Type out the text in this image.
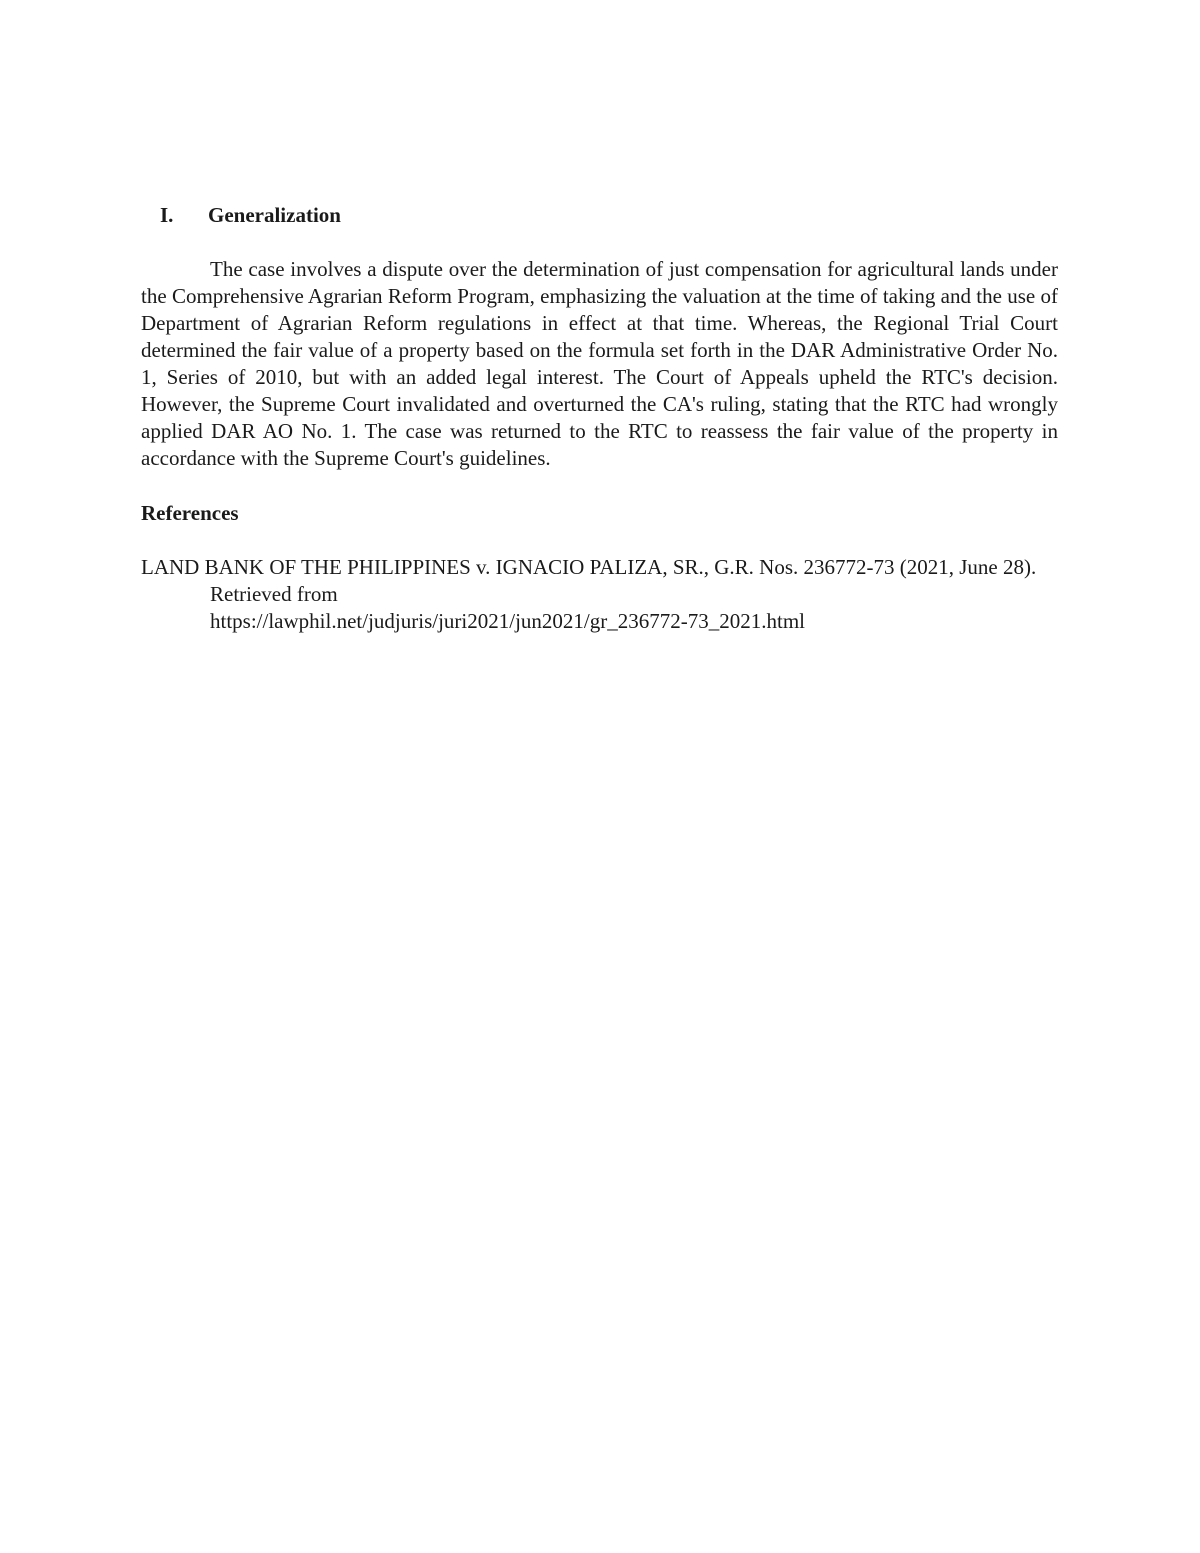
I.	Generalization

The case involves a dispute over the determination of just compensation for agricultural lands under the Comprehensive Agrarian Reform Program, emphasizing the valuation at the time of taking and the use of Department of Agrarian Reform regulations in effect at that time. Whereas, the Regional Trial Court determined the fair value of a property based on the formula set forth in the DAR Administrative Order No. 1, Series of 2010, but with an added legal interest. The Court of Appeals upheld the RTC's decision. However, the Supreme Court invalidated and overturned the CA's ruling, stating that the RTC had wrongly applied DAR AO No. 1. The case was returned to the RTC to reassess the fair value of the property in accordance with the Supreme Court's guidelines.

References

LAND BANK OF THE PHILIPPINES v. IGNACIO PALIZA, SR., G.R. Nos. 236772-73 (2021, June 28). Retrieved from
https://lawphil.net/judjuris/juri2021/jun2021/gr_236772-73_2021.html
